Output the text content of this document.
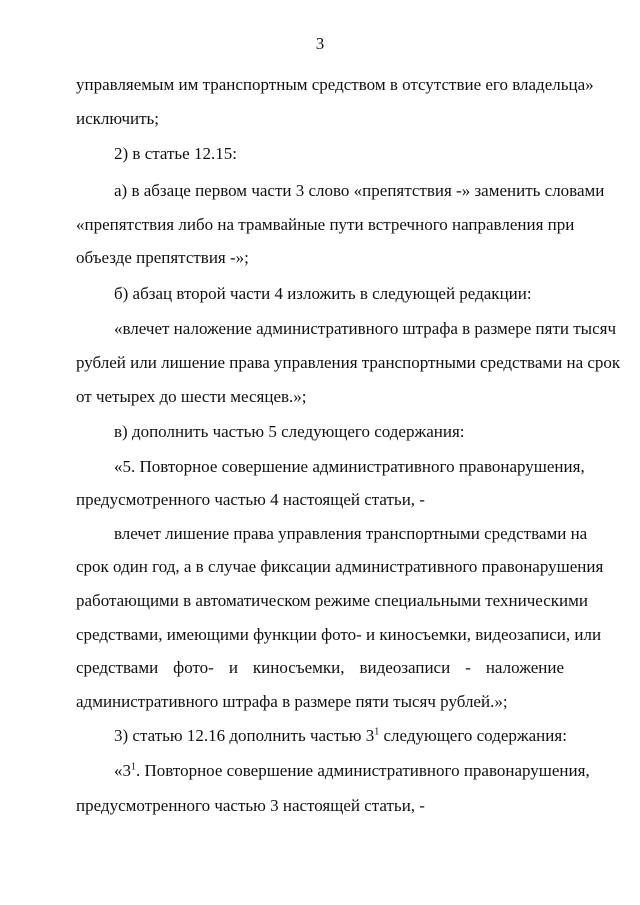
3
управляемым им транспортным средством в отсутствие его владельца»
исключить;
2) в статье 12.15:
а) в абзаце первом части 3 слово «препятствия -» заменить словами
«препятствия либо на трамвайные пути встречного направления при
объезде препятствия -»;
б) абзац второй части 4 изложить в следующей редакции:
«влечет наложение административного штрафа в размере пяти тысяч
рублей или лишение права управления транспортными средствами на срок
от четырех до шести месяцев.»;
в) дополнить частью 5 следующего содержания:
«5. Повторное совершение административного правонарушения,
предусмотренного частью 4 настоящей статьи, -
влечет лишение права управления транспортными средствами на
срок один год, а в случае фиксации административного правонарушения
работающими в автоматическом режиме специальными техническими
средствами, имеющими функции фото- и киносъемки, видеозаписи, или
средствами фото- и киносъемки, видеозаписи - наложение
административного штрафа в размере пяти тысяч рублей.»;
3) статью 12.16 дополнить частью $3^1$ следующего содержания:
«$3^1$. Повторное совершение административного правонарушения,
предусмотренного частью 3 настоящей статьи, -
